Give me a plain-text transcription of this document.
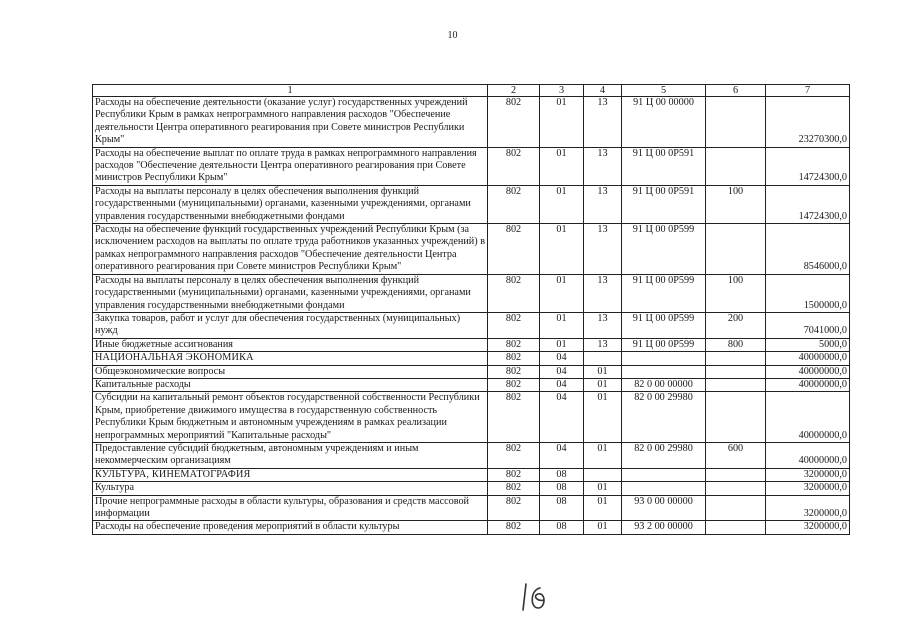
10
1	2	3	4	5	6	7
Расходы на обеспечение деятельности (оказание услуг) государственных учреждений Республики Крым в рамках непрограммного направления расходов "Обеспечение деятельности Центра оперативного реагирования при Совете министров Республики Крым"	802	01	13	91 Ц 00 00000		23270300,0
Расходы на обеспечение выплат по оплате труда в рамках непрограммного направления расходов "Обеспечение деятельности Центра оперативного реагирования при Совете министров Республики Крым"	802	01	13	91 Ц 00 0Р591		14724300,0
Расходы на выплаты персоналу в целях обеспечения выполнения функций государственными (муниципальными) органами, казенными учреждениями, органами управления государственными внебюджетными фондами	802	01	13	91 Ц 00 0Р591	100	14724300,0
Расходы на обеспечение функций государственных учреждений Республики Крым (за исключением расходов на выплаты по оплате труда работников указанных учреждений) в рамках непрограммного направления расходов "Обеспечение деятельности Центра оперативного реагирования при Совете министров Республики Крым"	802	01	13	91 Ц 00 0Р599		8546000,0
Расходы на выплаты персоналу в целях обеспечения выполнения функций государственными (муниципальными) органами, казенными учреждениями, органами управления государственными внебюджетными фондами	802	01	13	91 Ц 00 0Р599	100	1500000,0
Закупка товаров, работ и услуг для обеспечения государственных (муниципальных) нужд	802	01	13	91 Ц 00 0Р599	200	7041000,0
Иные бюджетные ассигнования	802	01	13	91 Ц 00 0Р599	800	5000,0
НАЦИОНАЛЬНАЯ ЭКОНОМИКА	802	04				40000000,0
Общеэкономические вопросы	802	04	01			40000000,0
Капитальные расходы	802	04	01	82 0 00 00000		40000000,0
Субсидии на капитальный ремонт объектов государственной собственности Республики Крым, приобретение движимого имущества в государственную собственность Республики Крым бюджетным и автономным учреждениям в рамках реализации непрограммных мероприятий "Капитальные расходы"	802	04	01	82 0 00 29980		40000000,0
Предоставление субсидий бюджетным, автономным учреждениям и иным некоммерческим организациям	802	04	01	82 0 00 29980	600	40000000,0
КУЛЬТУРА, КИНЕМАТОГРАФИЯ	802	08				3200000,0
Культура	802	08	01			3200000,0
Прочие непрограммные расходы в области культуры, образования и средств массовой информации	802	08	01	93 0 00 00000		3200000,0
Расходы на обеспечение проведения мероприятий в области культуры	802	08	01	93 2 00 00000		3200000,0
